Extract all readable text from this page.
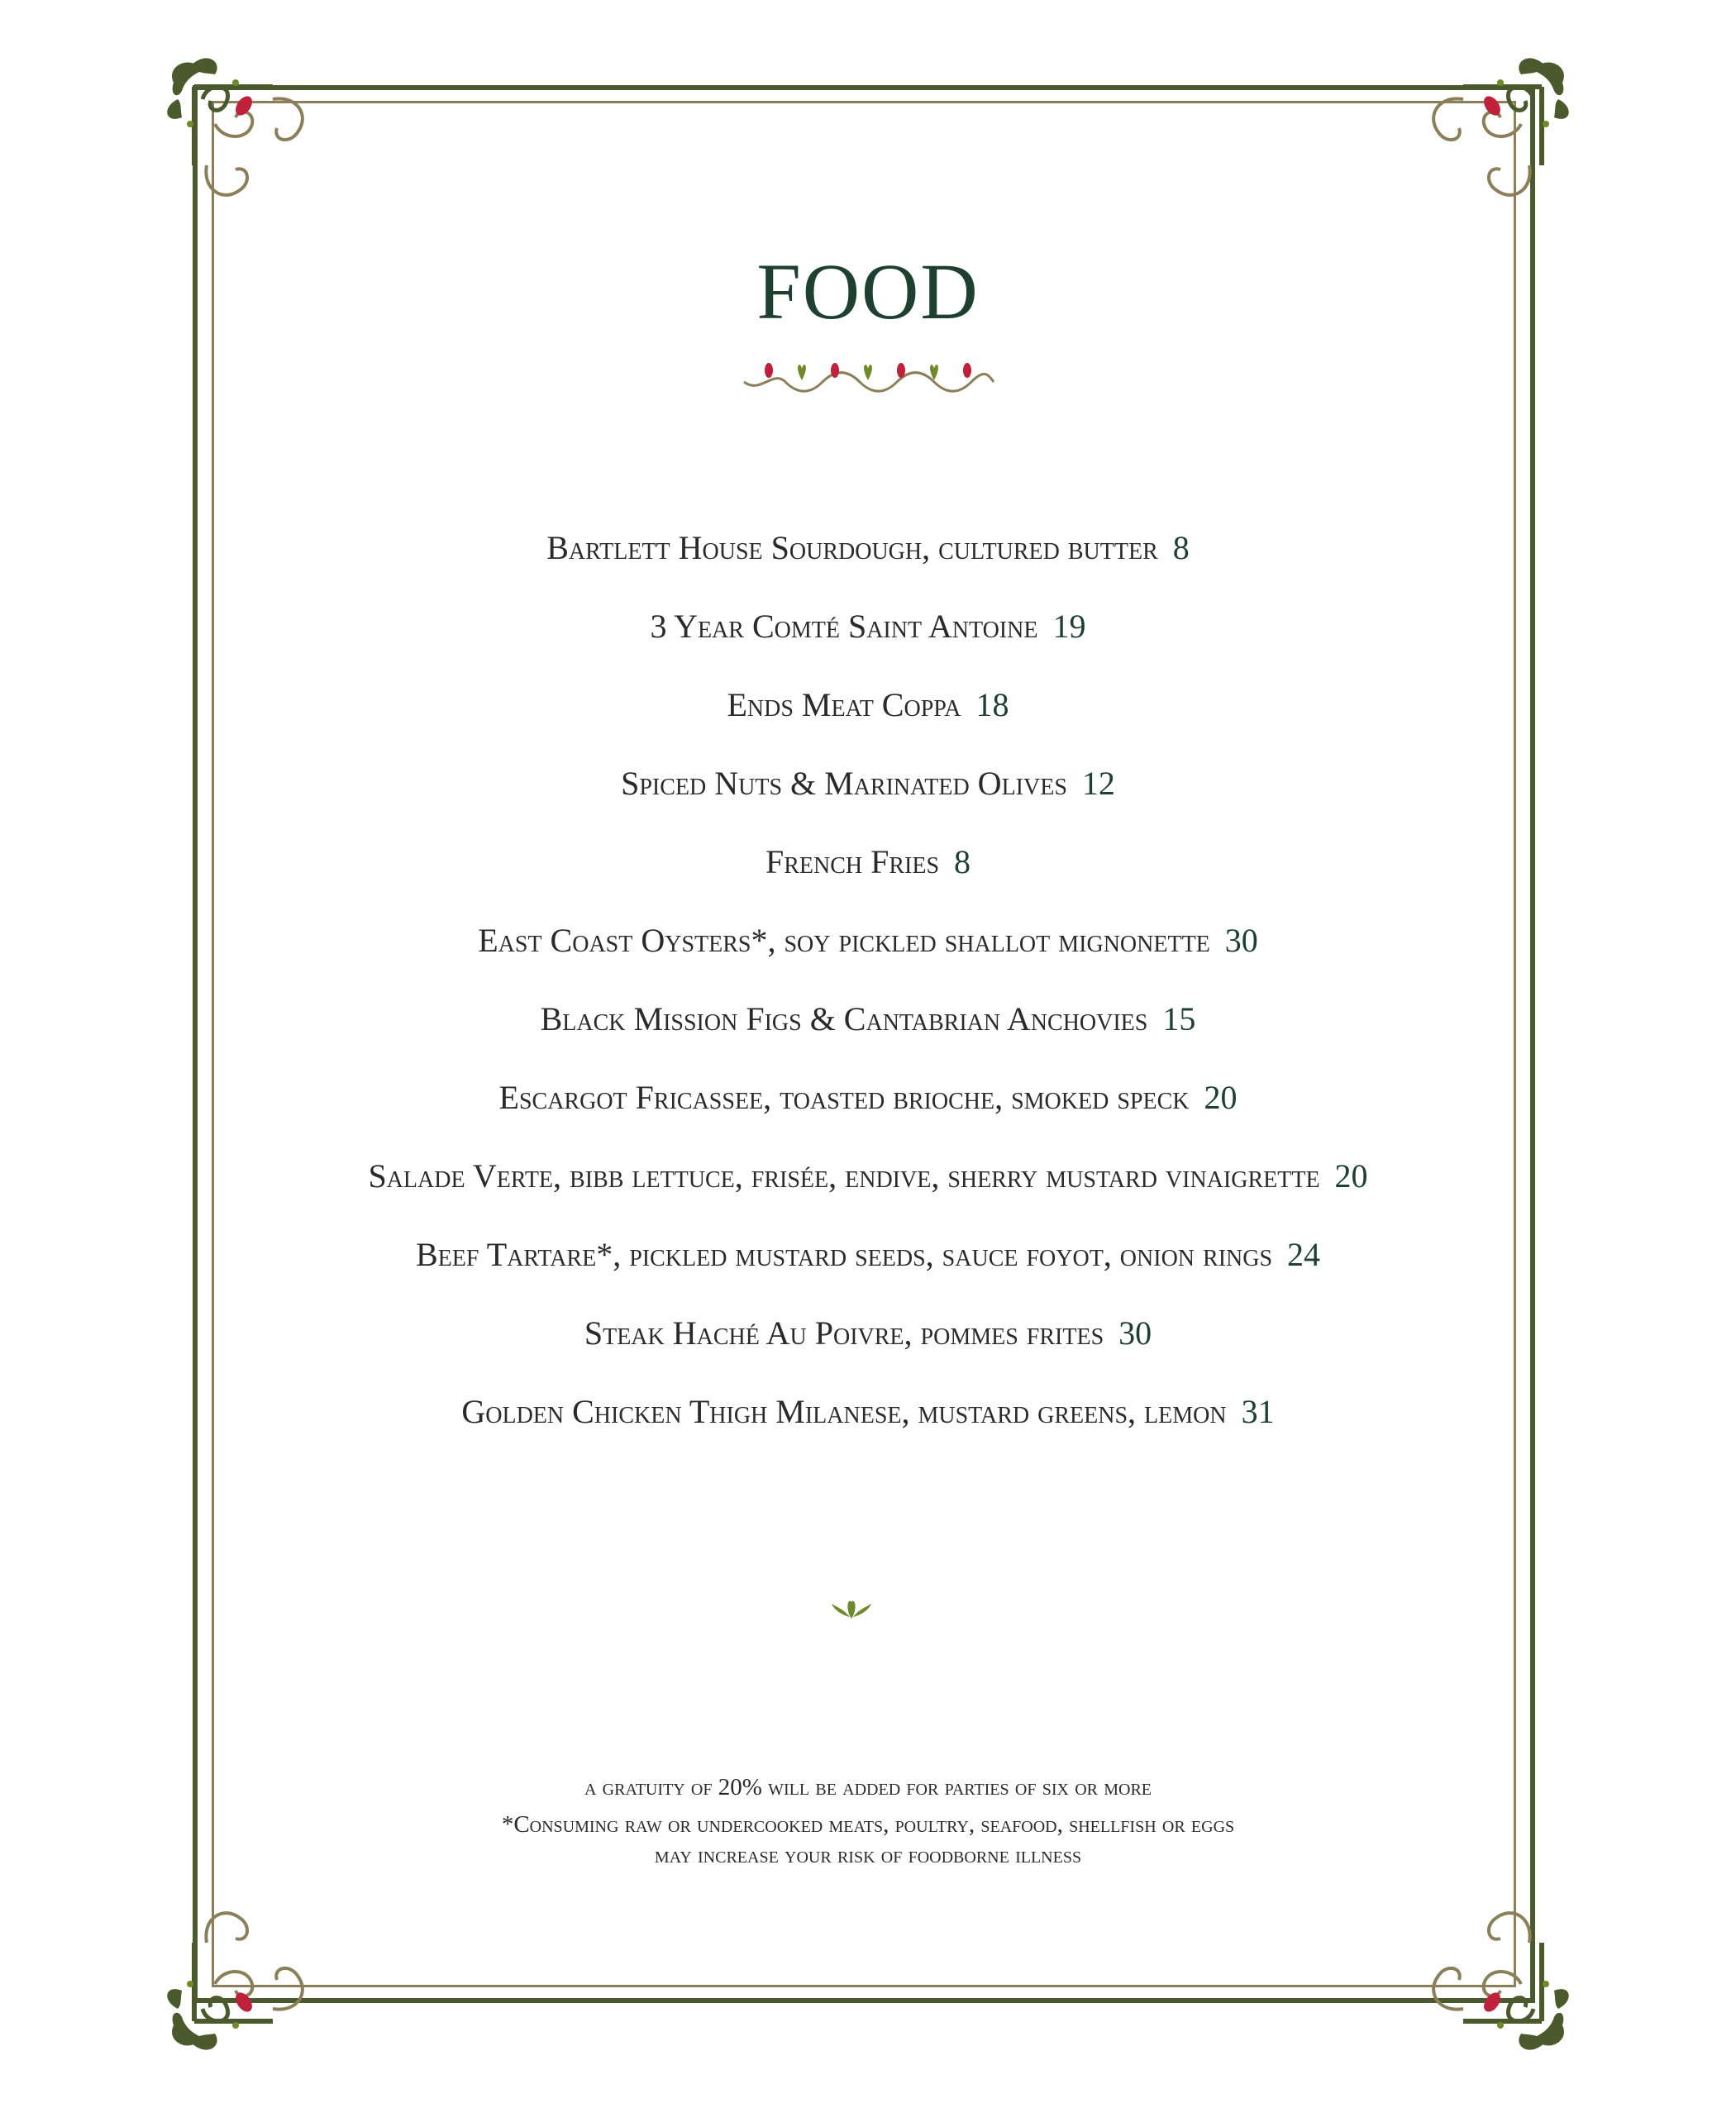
FOOD
Bartlett House Sourdough, cultured butter 8
3 Year Comté Saint Antoine 19
Ends Meat Coppa 18
Spiced Nuts & Marinated Olives 12
French Fries 8
East Coast Oysters*, soy pickled shallot mignonette 30
Black Mission Figs & Cantabrian Anchovies 15
Escargot Fricassee, toasted brioche, smoked speck 20
Salade Verte, bibb lettuce, frisée, endive, sherry mustard vinaigrette 20
Beef Tartare*, pickled mustard seeds, sauce foyot, onion rings 24
Steak Haché Au Poivre, pommes frites 30
Golden Chicken Thigh Milanese, mustard greens, lemon 31

a gratuity of 20% will be added for parties of six or more

*Consuming raw or undercooked meats, poultry, seafood, shellfish or eggs

may increase your risk of foodborne illness
